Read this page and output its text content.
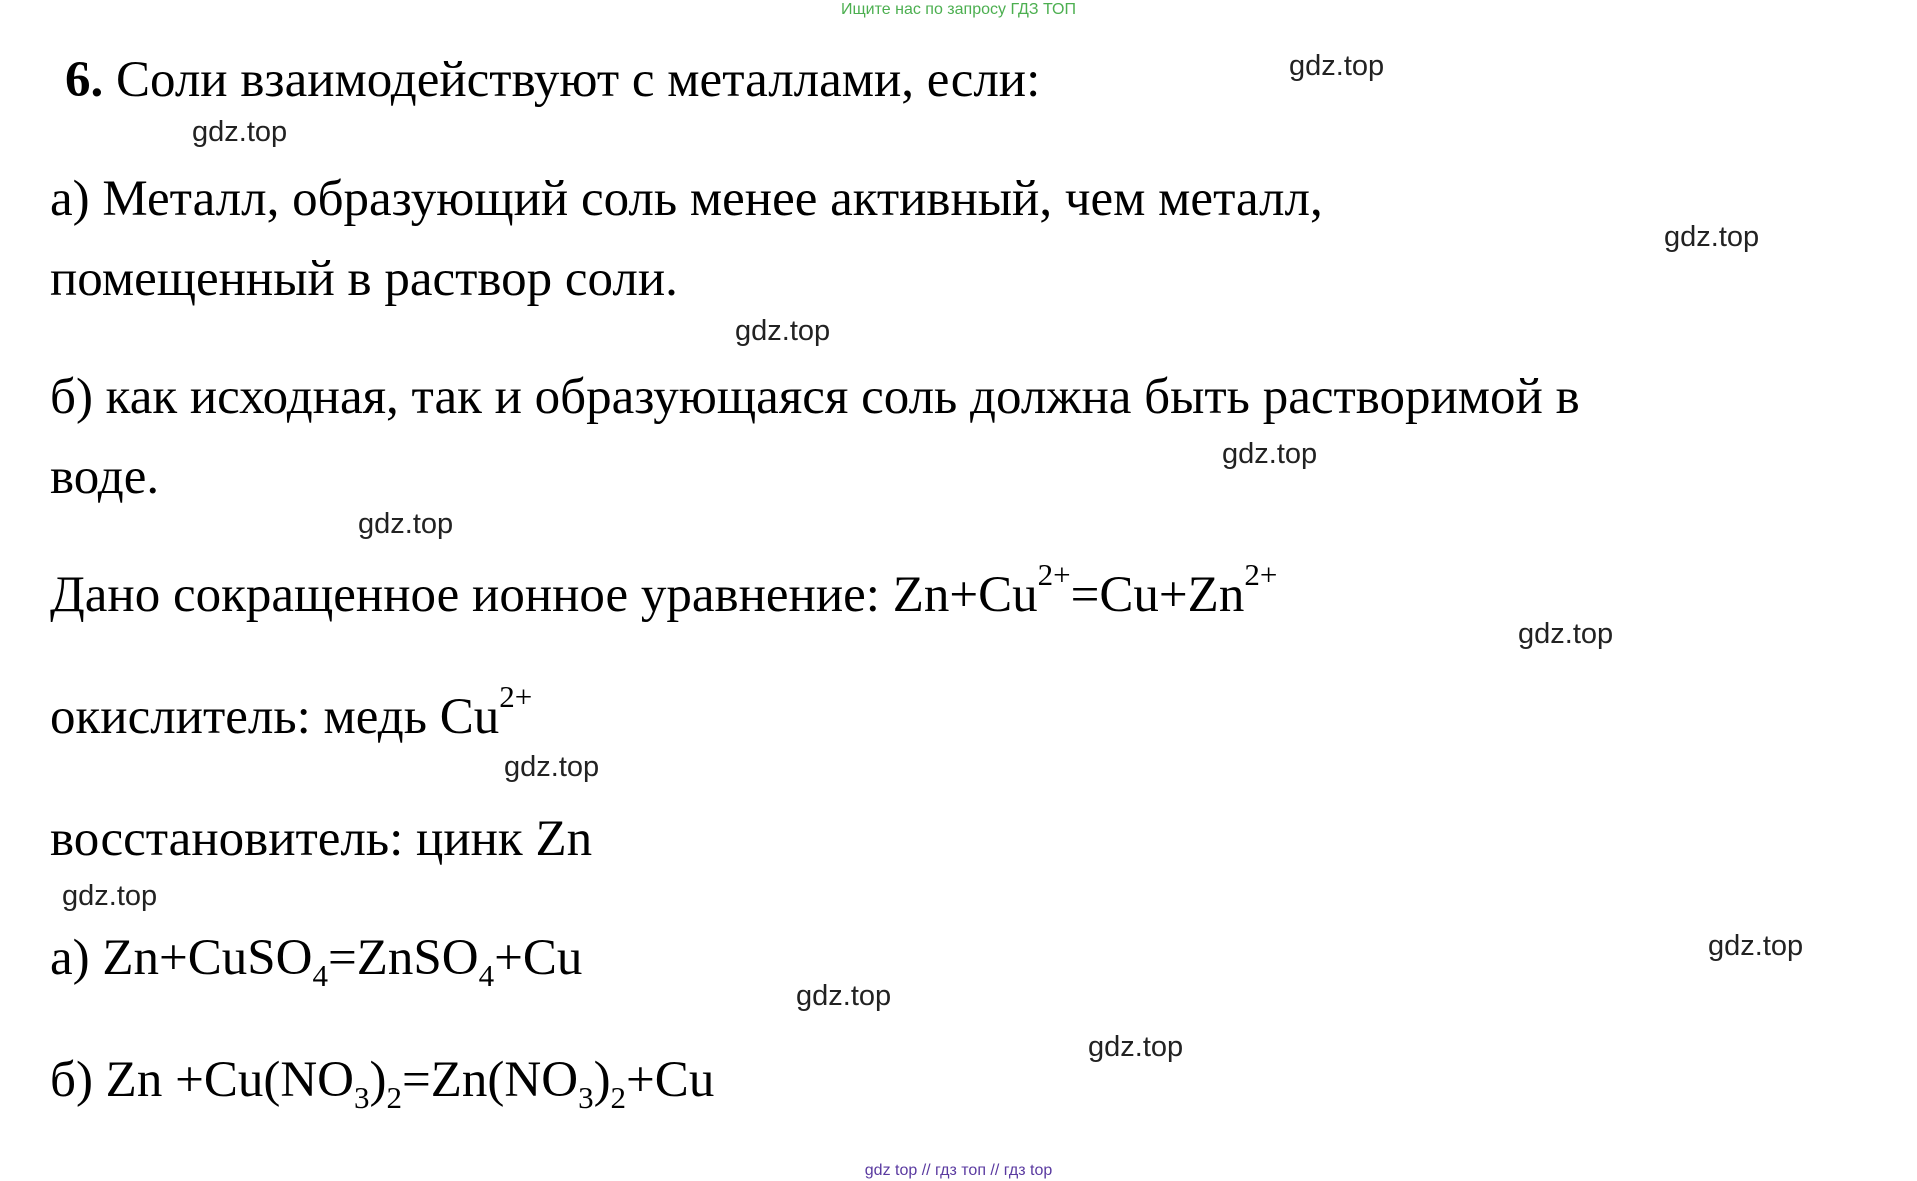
Ищите нас по запросу ГДЗ ТОП
6. Соли взаимодействуют с металлами, если:
а) Металл, образующий соль менее активный, чем металл,
помещенный в раствор соли.
б) как исходная, так и образующаяся соль должна быть растворимой в
воде.
Дано сокращенное ионное уравнение: $Zn+Cu^{2+}=Cu+Zn^{2+}$
окислитель: медь $Cu^{2+}$
восстановитель: цинк Zn
а) Zn+CuSO$_4$=ZnSO$_4$+Cu
б) $Zn +Cu(NO_3)_2=Zn(NO_3)_2+Cu$
gdz.top
gdz.top
gdz.top
gdz.top
gdz.top
gdz.top
gdz.top
gdz.top
gdz.top
gdz.top
gdz.top
gdz.top
gdz top // гдз топ // гдз top
